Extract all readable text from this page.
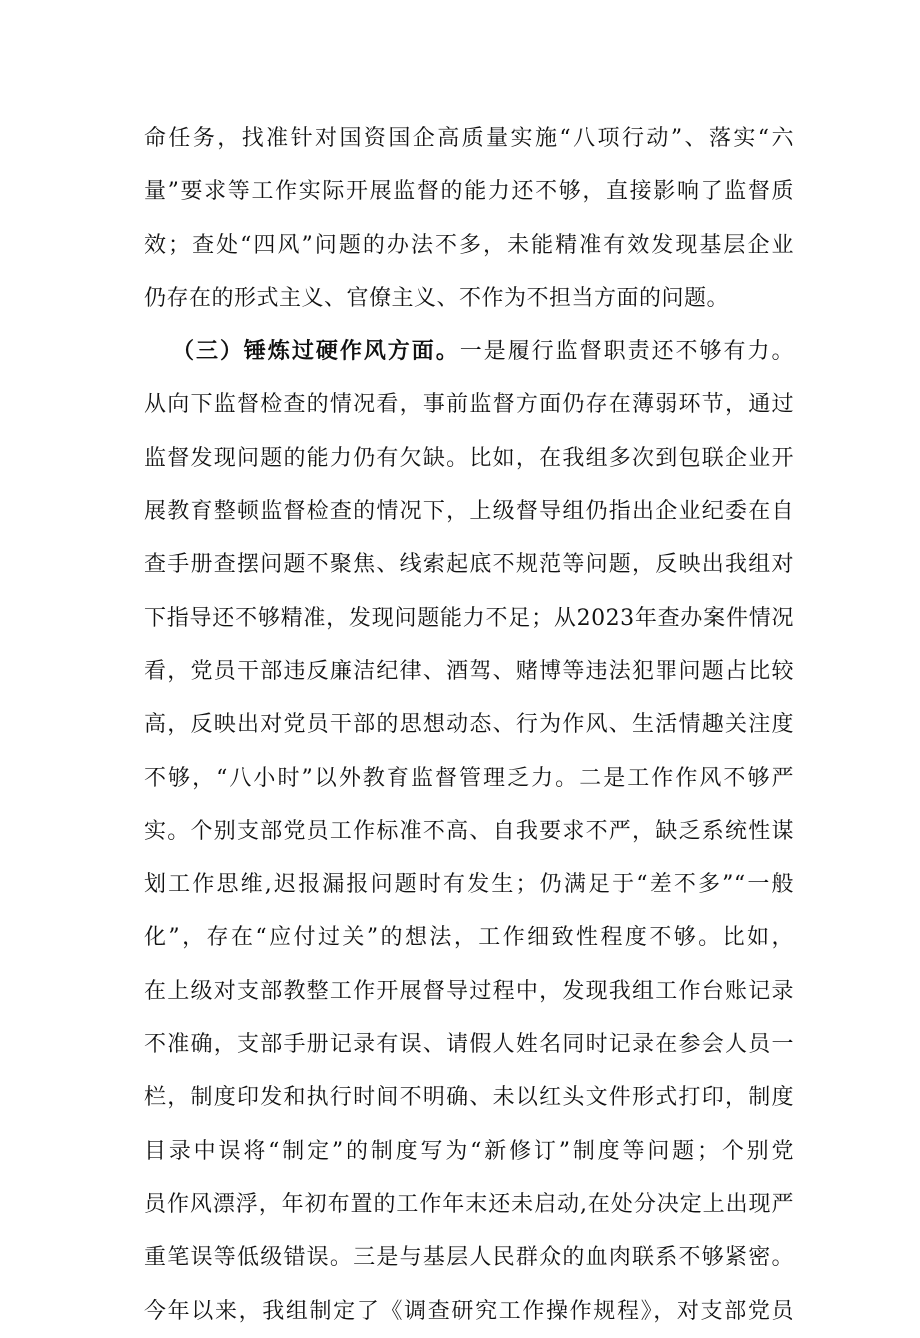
命任务，找准针对国资国企高质量实施“八项行动”、落实“六
量”要求等工作实际开展监督的能力还不够，直接影响了监督质
效；查处“四风”问题的办法不多，未能精准有效发现基层企业
仍存在的形式主义、官僚主义、不作为不担当方面的问题。
（三）锤炼过硬作风方面。一是履行监督职责还不够有力。
从向下监督检查的情况看，事前监督方面仍存在薄弱环节，通过
监督发现问题的能力仍有欠缺。比如，在我组多次到包联企业开
展教育整顿监督检查的情况下，上级督导组仍指出企业纪委在自
查手册查摆问题不聚焦、线索起底不规范等问题，反映出我组对
下指导还不够精准，发现问题能力不足；从2023年查办案件情况
看，党员干部违反廉洁纪律、酒驾、赌博等违法犯罪问题占比较
高，反映出对党员干部的思想动态、行为作风、生活情趣关注度
不够，“八小时”以外教育监督管理乏力。二是工作作风不够严
实。个别支部党员工作标准不高、自我要求不严，缺乏系统性谋
划工作思维,迟报漏报问题时有发生；仍满足于“差不多”“一般
化”，存在“应付过关”的想法，工作细致性程度不够。比如，
在上级对支部教整工作开展督导过程中，发现我组工作台账记录
不准确，支部手册记录有误、请假人姓名同时记录在参会人员一
栏，制度印发和执行时间不明确、未以红头文件形式打印，制度
目录中误将“制定”的制度写为“新修订”制度等问题；个别党
员作风漂浮，年初布置的工作年末还未启动,在处分决定上出现严
重笔误等低级错误。三是与基层人民群众的血肉联系不够紧密。
今年以来，我组制定了《调查研究工作操作规程》，对支部党员
